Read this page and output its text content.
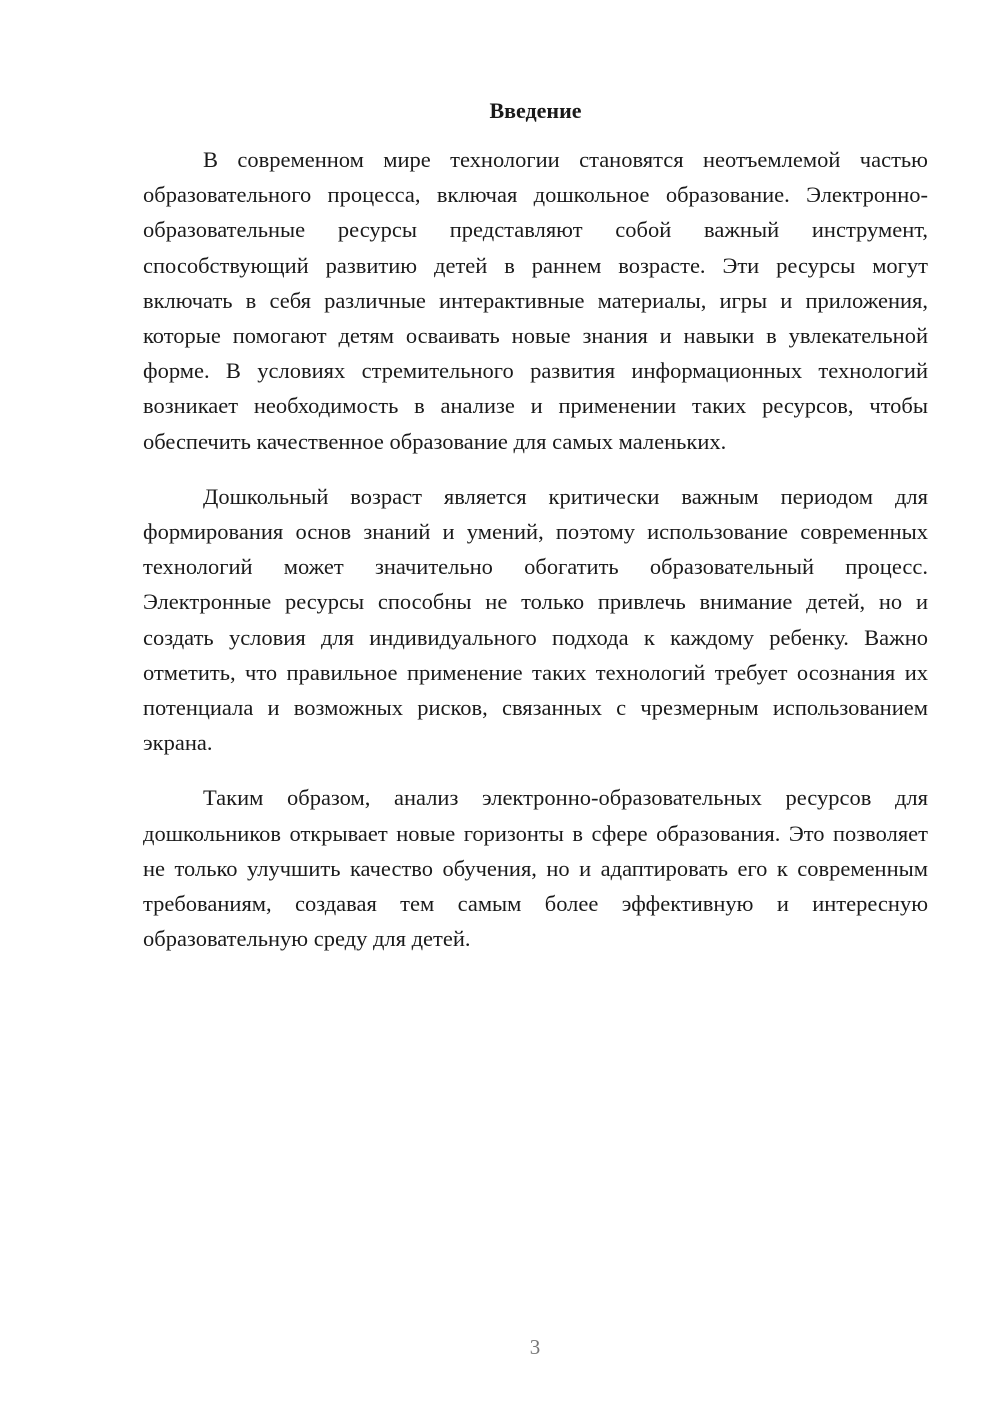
Введение

В современном мире технологии становятся неотъемлемой частью образовательного процесса, включая дошкольное образование. Электронно-образовательные ресурсы представляют собой важный инструмент, способствующий развитию детей в раннем возрасте. Эти ресурсы могут включать в себя различные интерактивные материалы, игры и приложения, которые помогают детям осваивать новые знания и навыки в увлекательной форме. В условиях стремительного развития информационных технологий возникает необходимость в анализе и применении таких ресурсов, чтобы обеспечить качественное образование для самых маленьких.

Дошкольный возраст является критически важным периодом для формирования основ знаний и умений, поэтому использование современных технологий может значительно обогатить образовательный процесс. Электронные ресурсы способны не только привлечь внимание детей, но и создать условия для индивидуального подхода к каждому ребенку. Важно отметить, что правильное применение таких технологий требует осознания их потенциала и возможных рисков, связанных с чрезмерным использованием экрана.

Таким образом, анализ электронно-образовательных ресурсов для дошкольников открывает новые горизонты в сфере образования. Это позволяет не только улучшить качество обучения, но и адаптировать его к современным требованиям, создавая тем самым более эффективную и интересную образовательную среду для детей.

3
